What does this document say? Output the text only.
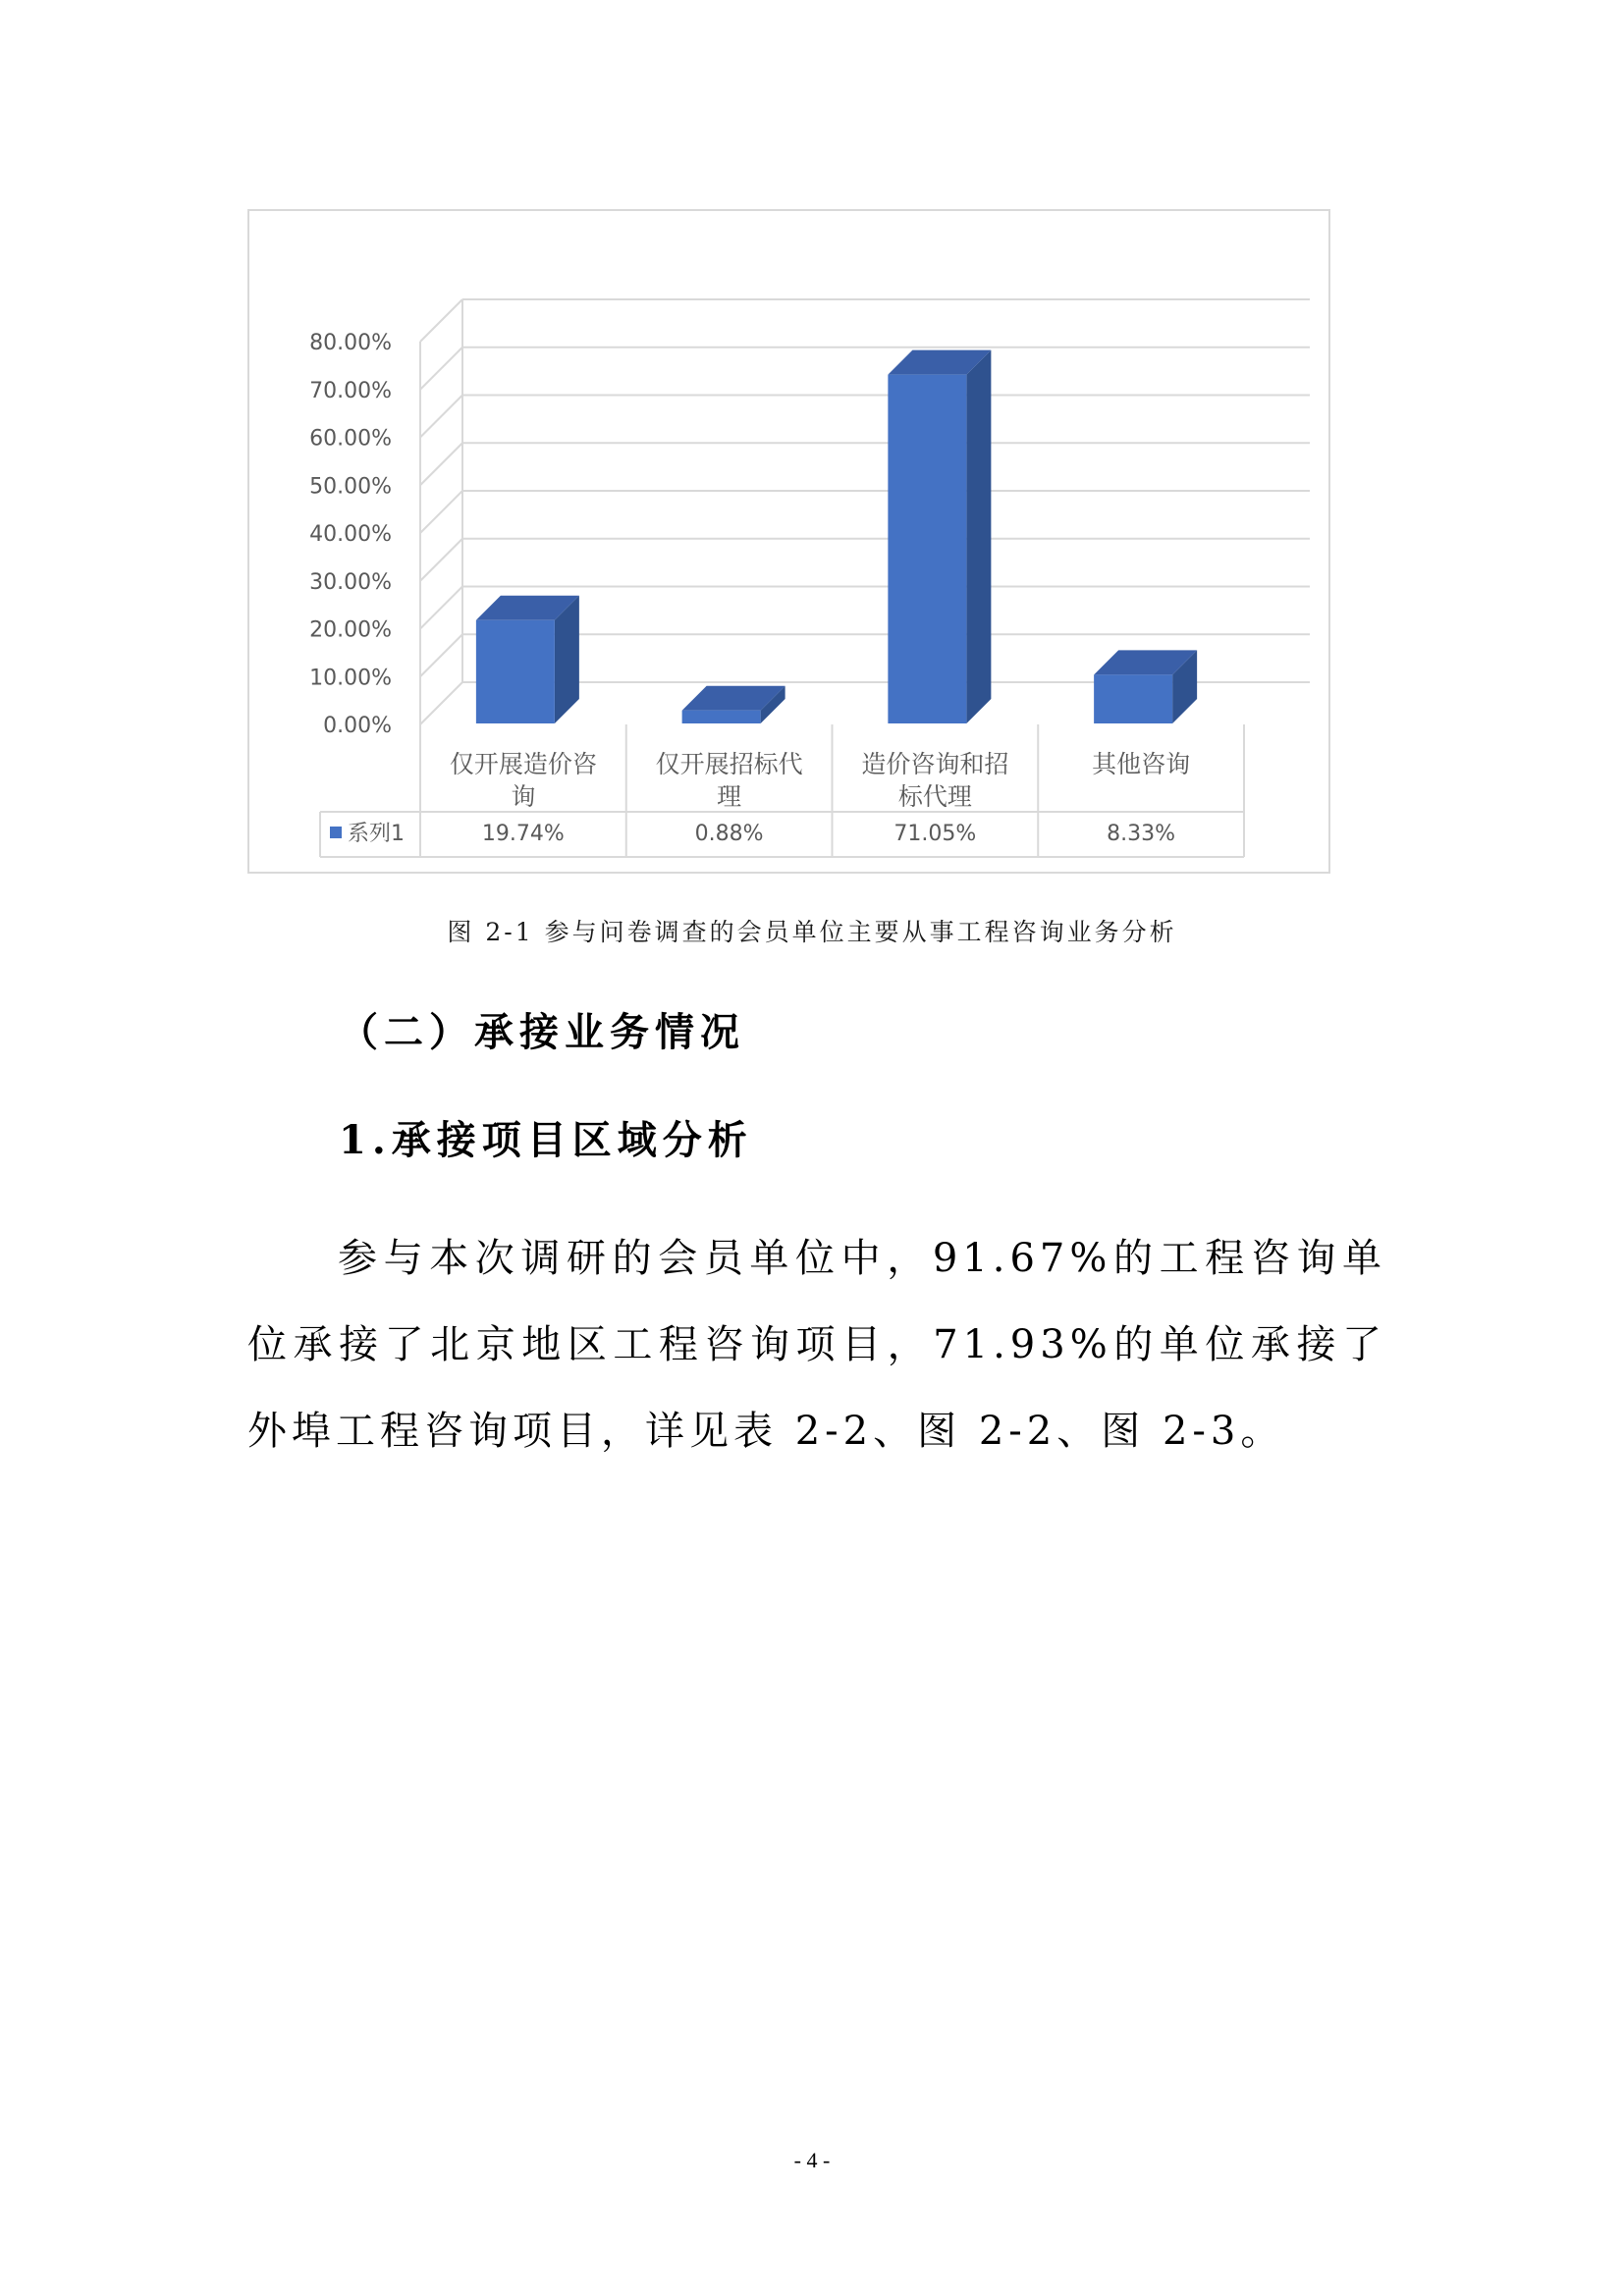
0.00%
10.00%
20.00%
30.00%
40.00%
50.00%
60.00%
70.00%
80.00%
系列1
仅开展造价咨
询
19.74%
仅开展招标代
理
0.88%
造价咨询和招
标代理
71.05%
其他咨询
8.33%
图 2-1 参与问卷调查的会员单位主要从事工程咨询业务分析
（二）承接业务情况
1.承接项目区域分析
参与本次调研的会员单位中，91.67%的工程咨询单位承接了北京地区工程咨询项目，71.93%的单位承接了外埠工程咨询项目，详见表 2-2、图 2-2、图 2-3。
- 4 -
